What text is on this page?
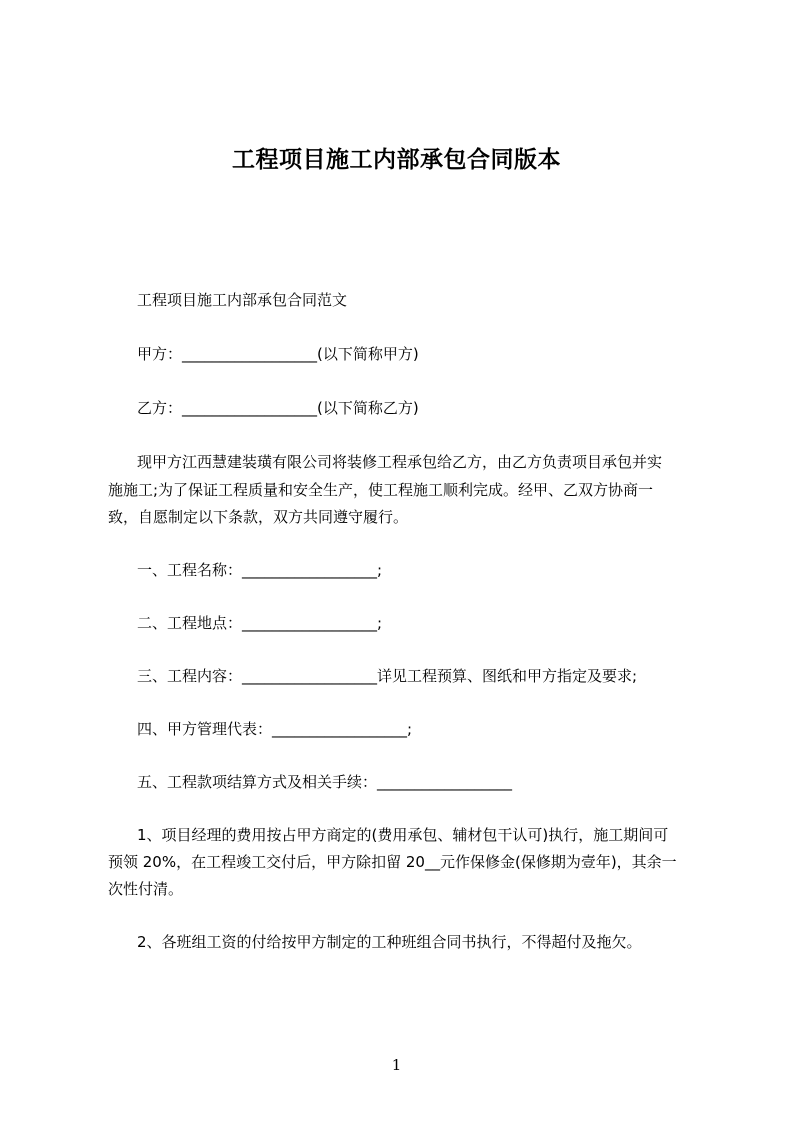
工程项目施工内部承包合同版本
工程项目施工内部承包合同范文
甲方：__________________(以下简称甲方)
乙方：__________________(以下简称乙方)
现甲方江西慧建装璜有限公司将装修工程承包给乙方，由乙方负责项目承包并实
施施工;为了保证工程质量和安全生产，使工程施工顺利完成。经甲、乙双方协商一
致，自愿制定以下条款，双方共同遵守履行。
一、工程名称：__________________;
二、工程地点：__________________;
三、工程内容：__________________详见工程预算、图纸和甲方指定及要求;
四、甲方管理代表：__________________;
五、工程款项结算方式及相关手续：__________________
1、项目经理的费用按占甲方商定的(费用承包、辅材包干认可)执行，施工期间可
预领 20%，在工程竣工交付后，甲方除扣留 20__元作保修金(保修期为壹年)，其余一
次性付清。
2、各班组工资的付给按甲方制定的工种班组合同书执行，不得超付及拖欠。
1
